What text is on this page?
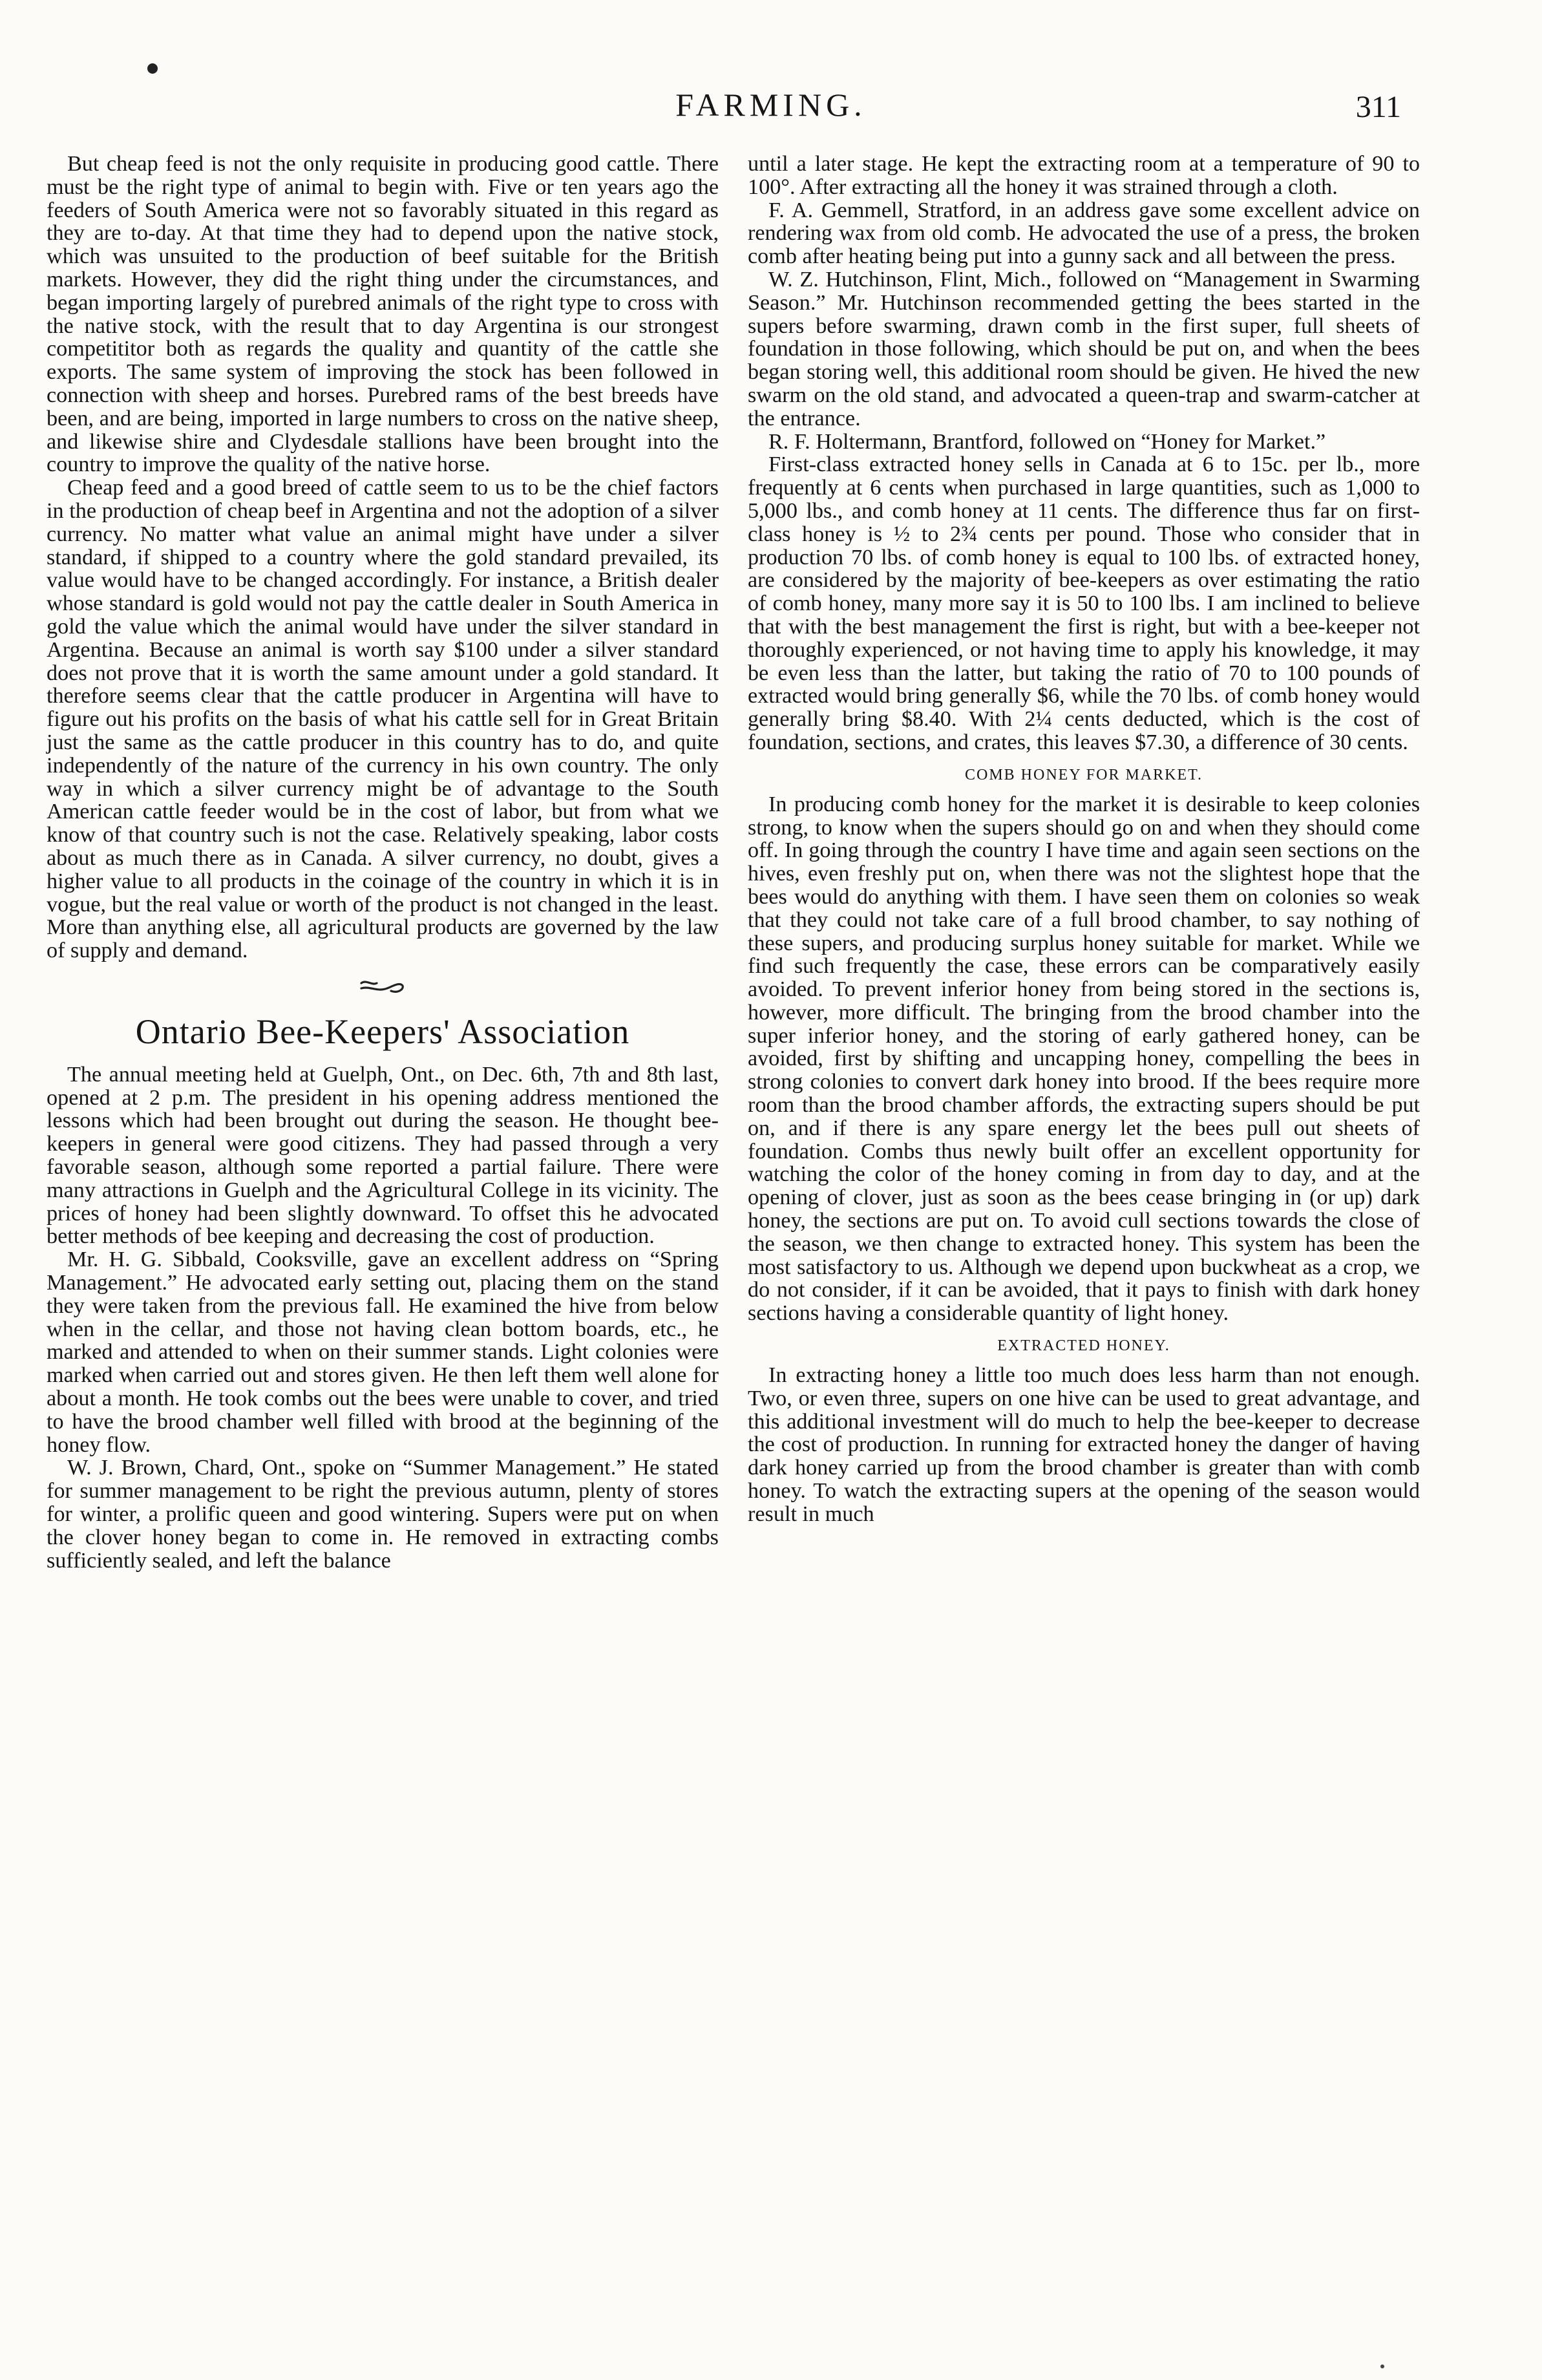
FARMING.	311

But cheap feed is not the only requisite in producing good cattle. There must be the right type of animal to begin with. Five or ten years ago the feeders of South America were not so favorably situated in this regard as they are to-day. At that time they had to depend upon the native stock, which was unsuited to the production of beef suitable for the British markets. However, they did the right thing under the circumstances, and began importing largely of purebred animals of the right type to cross with the native stock, with the result that to day Argentina is our strongest competititor both as regards the quality and quantity of the cattle she exports. The same system of improving the stock has been followed in connection with sheep and horses. Purebred rams of the best breeds have been, and are being, imported in large numbers to cross on the native sheep, and likewise shire and Clydesdale stallions have been brought into the country to improve the quality of the native horse.

Cheap feed and a good breed of cattle seem to us to be the chief factors in the production of cheap beef in Argentina and not the adoption of a silver currency. No matter what value an animal might have under a silver standard, if shipped to a country where the gold standard prevailed, its value would have to be changed accordingly. For instance, a British dealer whose standard is gold would not pay the cattle dealer in South America in gold the value which the animal would have under the silver standard in Argentina. Because an animal is worth say $100 under a silver standard does not prove that it is worth the same amount under a gold standard. It therefore seems clear that the cattle producer in Argentina will have to figure out his profits on the basis of what his cattle sell for in Great Britain just the same as the cattle producer in this country has to do, and quite independently of the nature of the currency in his own country. The only way in which a silver currency might be of advantage to the South American cattle feeder would be in the cost of labor, but from what we know of that country such is not the case. Relatively speaking, labor costs about as much there as in Canada. A silver currency, no doubt, gives a higher value to all products in the coinage of the country in which it is in vogue, but the real value or worth of the product is not changed in the least. More than anything else, all agricultural products are governed by the law of supply and demand.

Ontario Bee-Keepers' Association

The annual meeting held at Guelph, Ont., on Dec. 6th, 7th and 8th last, opened at 2 p.m. The president in his opening address mentioned the lessons which had been brought out during the season. He thought bee-keepers in general were good citizens. They had passed through a very favorable season, although some reported a partial failure. There were many attractions in Guelph and the Agricultural College in its vicinity. The prices of honey had been slightly downward. To offset this he advocated better methods of bee keeping and decreasing the cost of production.

Mr. H. G. Sibbald, Cooksville, gave an excellent address on “Spring Management.” He advocated early setting out, placing them on the stand they were taken from the previous fall. He examined the hive from below when in the cellar, and those not having clean bottom boards, etc., he marked and attended to when on their summer stands. Light colonies were marked when carried out and stores given. He then left them well alone for about a month. He took combs out the bees were unable to cover, and tried to have the brood chamber well filled with brood at the beginning of the honey flow.

W. J. Brown, Chard, Ont., spoke on “Summer Management.” He stated for summer management to be right the previous autumn, plenty of stores for winter, a prolific queen and good wintering. Supers were put on when the clover honey began to come in. He removed in extracting combs sufficiently sealed, and left the balance

until a later stage. He kept the extracting room at a temperature of 90 to 100°. After extracting all the honey it was strained through a cloth.

F. A. Gemmell, Stratford, in an address gave some excellent advice on rendering wax from old comb. He advocated the use of a press, the broken comb after heating being put into a gunny sack and all between the press.

W. Z. Hutchinson, Flint, Mich., followed on “Management in Swarming Season.” Mr. Hutchinson recommended getting the bees started in the supers before swarming, drawn comb in the first super, full sheets of foundation in those following, which should be put on, and when the bees began storing well, this additional room should be given. He hived the new swarm on the old stand, and advocated a queen-trap and swarm-catcher at the entrance.

R. F. Holtermann, Brantford, followed on “Honey for Market.”

First-class extracted honey sells in Canada at 6 to 15c. per lb., more frequently at 6 cents when purchased in large quantities, such as 1,000 to 5,000 lbs., and comb honey at 11 cents. The difference thus far on first-class honey is ½ to 2¾ cents per pound. Those who consider that in production 70 lbs. of comb honey is equal to 100 lbs. of extracted honey, are considered by the majority of bee-keepers as over estimating the ratio of comb honey, many more say it is 50 to 100 lbs. I am inclined to believe that with the best management the first is right, but with a bee-keeper not thoroughly experienced, or not having time to apply his knowledge, it may be even less than the latter, but taking the ratio of 70 to 100 pounds of extracted would bring generally $6, while the 70 lbs. of comb honey would generally bring $8.40. With 2¼ cents deducted, which is the cost of foundation, sections, and crates, this leaves $7.30, a difference of 30 cents.

COMB HONEY FOR MARKET.

In producing comb honey for the market it is desirable to keep colonies strong, to know when the supers should go on and when they should come off. In going through the country I have time and again seen sections on the hives, even freshly put on, when there was not the slightest hope that the bees would do anything with them. I have seen them on colonies so weak that they could not take care of a full brood chamber, to say nothing of these supers, and producing surplus honey suitable for market. While we find such frequently the case, these errors can be comparatively easily avoided. To prevent inferior honey from being stored in the sections is, however, more difficult. The bringing from the brood chamber into the super inferior honey, and the storing of early gathered honey, can be avoided, first by shifting and uncapping honey, compelling the bees in strong colonies to convert dark honey into brood. If the bees require more room than the brood chamber affords, the extracting supers should be put on, and if there is any spare energy let the bees pull out sheets of foundation. Combs thus newly built offer an excellent opportunity for watching the color of the honey coming in from day to day, and at the opening of clover, just as soon as the bees cease bringing in (or up) dark honey, the sections are put on. To avoid cull sections towards the close of the season, we then change to extracted honey. This system has been the most satisfactory to us. Although we depend upon buckwheat as a crop, we do not consider, if it can be avoided, that it pays to finish with dark honey sections having a considerable quantity of light honey.

EXTRACTED HONEY.

In extracting honey a little too much does less harm than not enough. Two, or even three, supers on one hive can be used to great advantage, and this additional investment will do much to help the bee-keeper to decrease the cost of production. In running for extracted honey the danger of having dark honey carried up from the brood chamber is greater than with comb honey. To watch the extracting supers at the opening of the season would result in much
